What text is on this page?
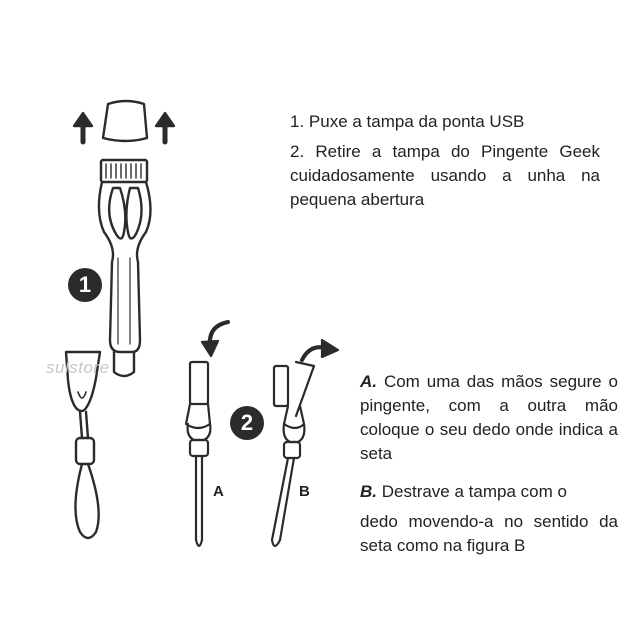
1
2
A	B
sulstore
1. Puxe a tampa da ponta USB
2. Retire a tampa do Pingente Geek cuidadosamente usando a unha na pequena abertura
A. Com uma das mãos segure o pingente, com a outra mão coloque o seu dedo onde indica a seta
B. Destrave a tampa com o
dedo movendo-a no sentido da seta como na figura B
